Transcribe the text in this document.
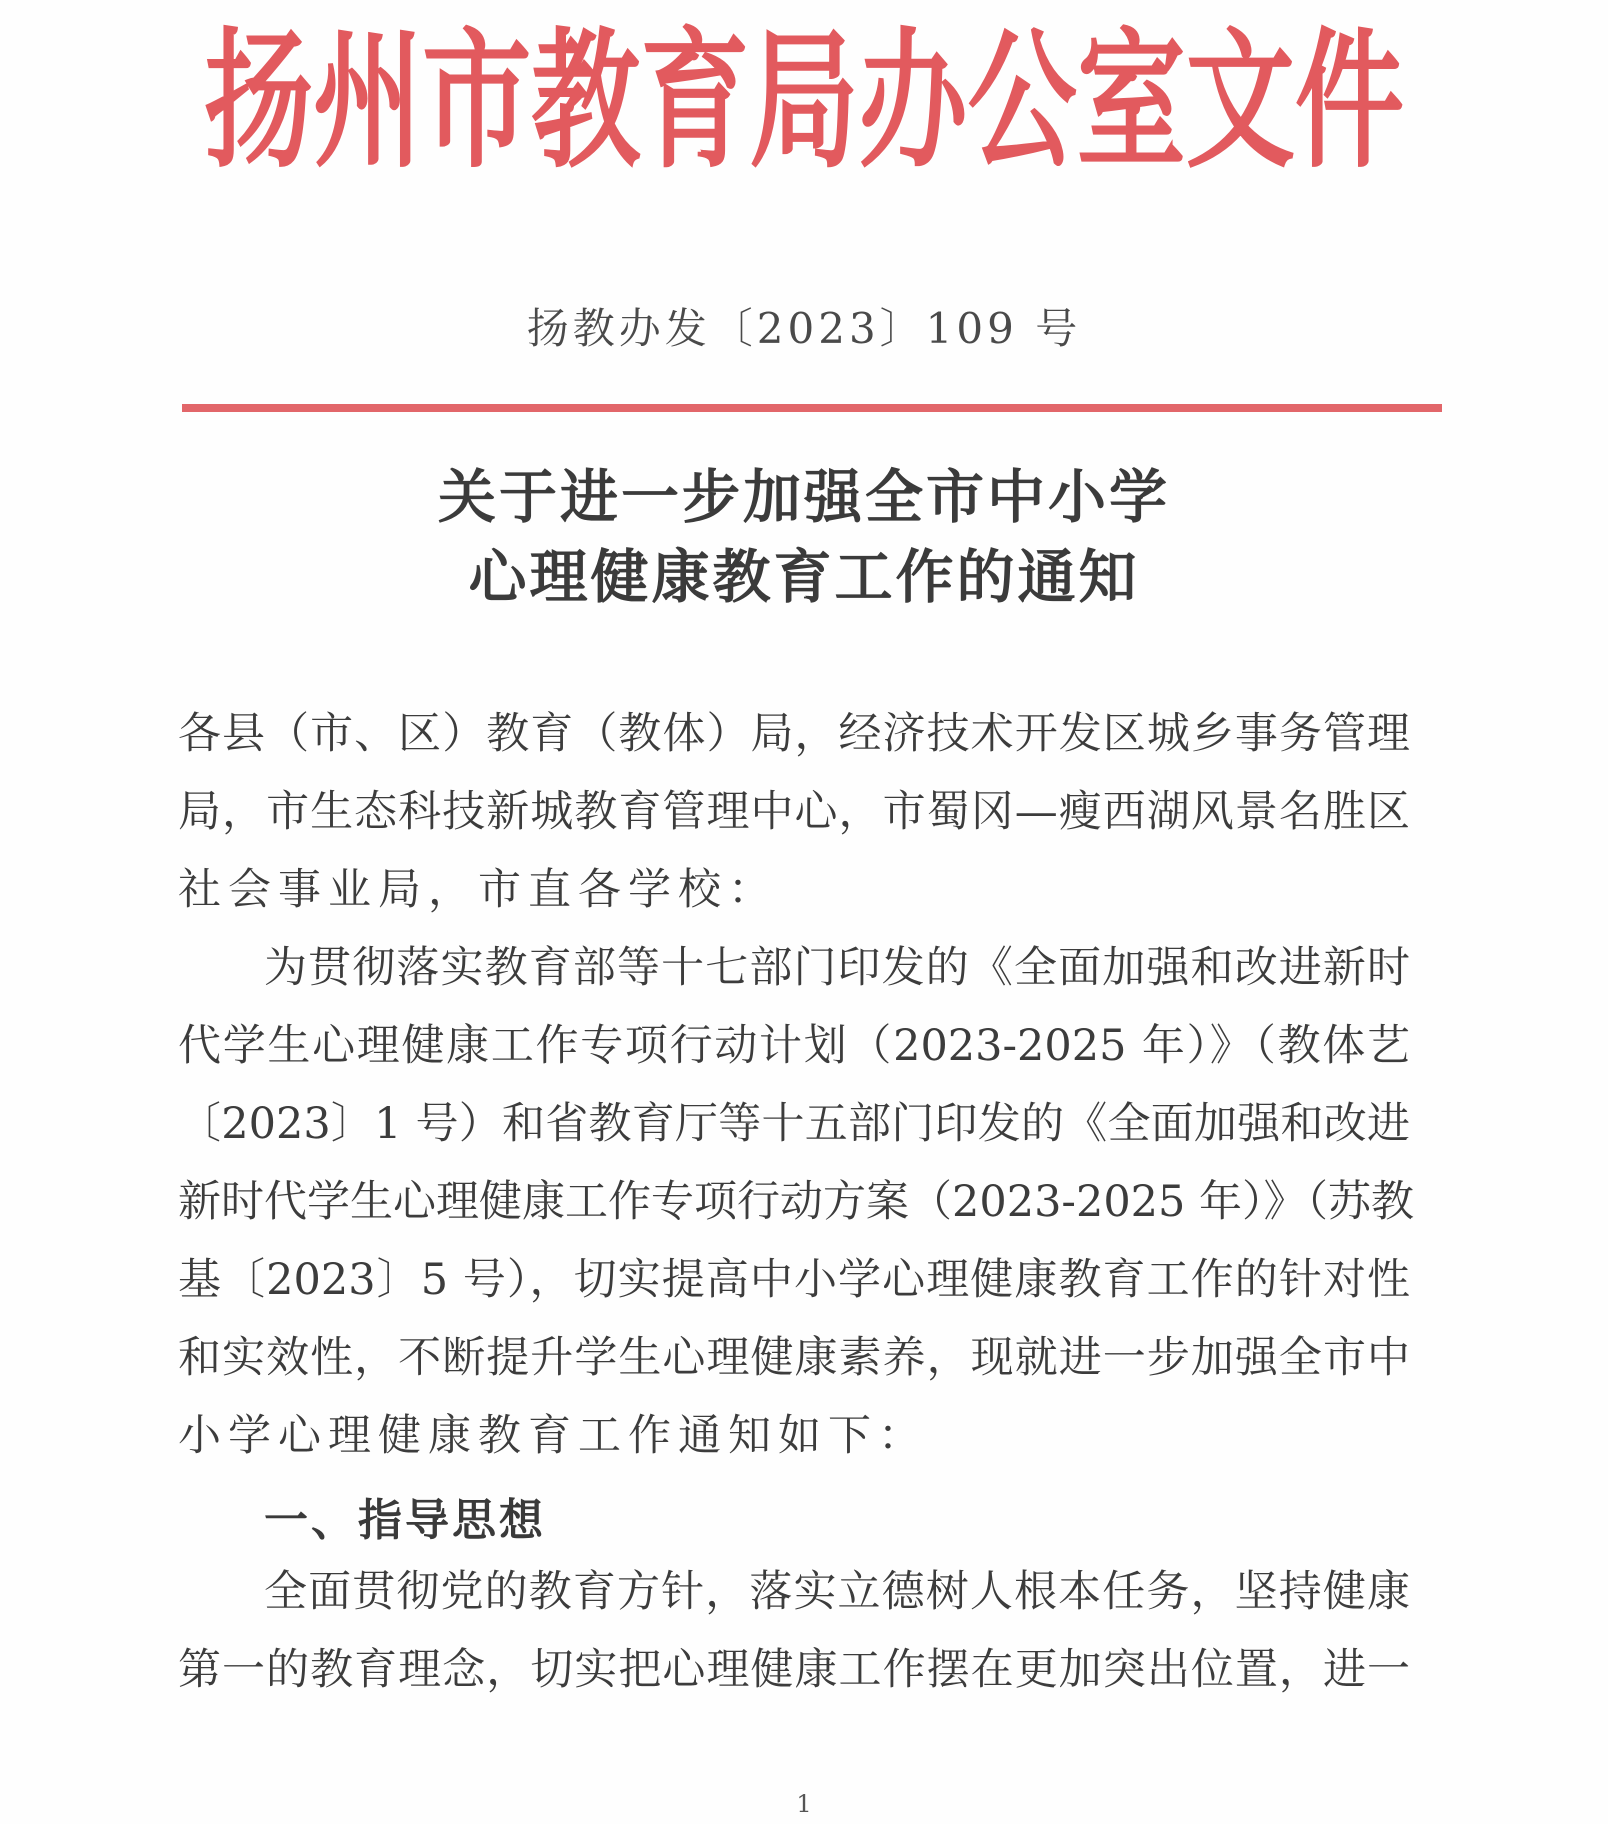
扬州市教育局办公室文件
扬教办发〔2023〕109 号
关于进一步加强全市中小学
心理健康教育工作的通知
各县（市、区）教育（教体）局，经济技术开发区城乡事务管理
局，市生态科技新城教育管理中心，市蜀冈—瘦西湖风景名胜区
社会事业局，市直各学校：
为贯彻落实教育部等十七部门印发的《全面加强和改进新时
代学生心理健康工作专项行动计划（2023-2025 年）》（教体艺
〔2023〕1 号）和省教育厅等十五部门印发的《全面加强和改进
新时代学生心理健康工作专项行动方案（2023-2025 年）》（苏教
基〔2023〕5 号），切实提高中小学心理健康教育工作的针对性
和实效性，不断提升学生心理健康素养，现就进一步加强全市中
小学心理健康教育工作通知如下：
一、指导思想
全面贯彻党的教育方针，落实立德树人根本任务，坚持健康
第一的教育理念，切实把心理健康工作摆在更加突出位置，进一
1
